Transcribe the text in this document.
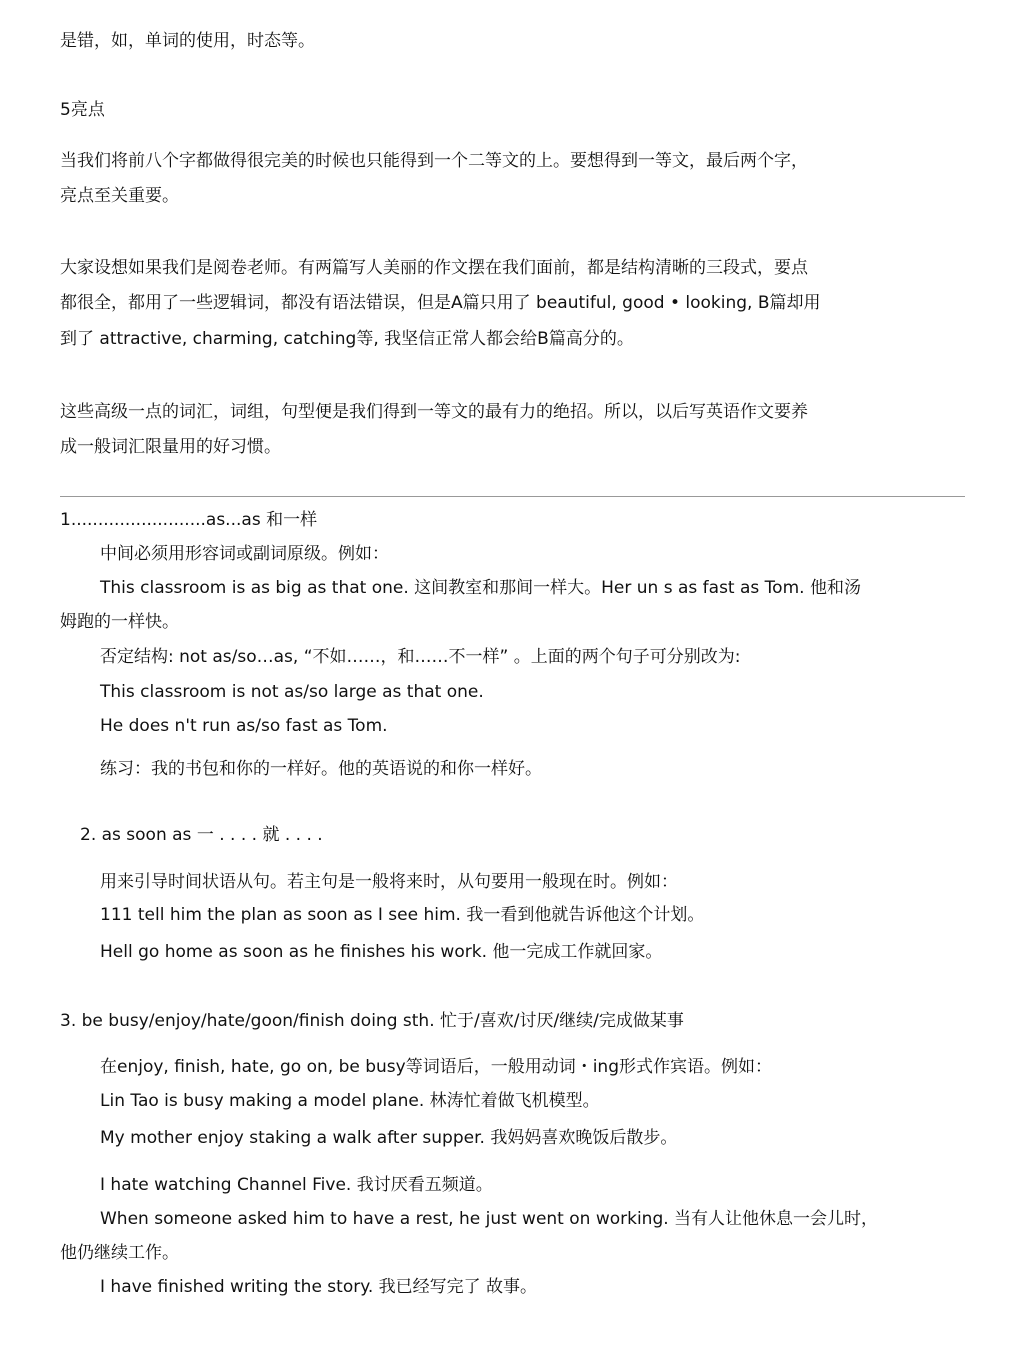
是错，如，单词的使用，时态等。

5亮点

当我们将前八个字都做得很完美的时候也只能得到一个二等文的上。要想得到一等文，最后两个字，

亮点至关重要。

大家设想如果我们是阅卷老师。有两篇写人美丽的作文摆在我们面前，都是结构清晰的三段式，要点

都很全，都用了一些逻辑词，都没有语法错误，但是A篇只用了 beautiful, good • looking, B篇却用

到了 attractive, charming, catching等, 我坚信正常人都会给B篇高分的。

这些高级一点的词汇，词组，句型便是我们得到一等文的最有力的绝招。所以，以后写英语作文要养

成一般词汇限量用的好习惯。

1.........................as...as 和一样

中间必须用形容词或副词原级。例如：

This classroom is as big as that one. 这间教室和那间一样大。Her un s as fast as Tom. 他和汤

姆跑的一样快。

否定结构: not as/so…as, “不如……，和……不一样” 。上面的两个句子可分别改为:

This classroom is not as/so large as that one.

He does n't run as/so fast as Tom.

练习：我的书包和你的一样好。他的英语说的和你一样好。

2. as soon as 一 . . . . 就 . . . .

用来引导时间状语从句。若主句是一般将来时，从句要用一般现在时。例如：

111 tell him the plan as soon as I see him. 我一看到他就告诉他这个计划。

Hell go home as soon as he finishes his work. 他一完成工作就回家。

3. be busy/enjoy/hate/goon/finish doing sth. 忙于/喜欢/讨厌/继续/完成做某事

在enjoy, finish, hate, go on, be busy等词语后，一般用动词・ing形式作宾语。例如：

Lin Tao is busy making a model plane. 林涛忙着做飞机模型。

My mother enjoy staking a walk after supper. 我妈妈喜欢晚饭后散步。

I hate watching Channel Five. 我讨厌看五频道。

When someone asked him to have a rest, he just went on working. 当有人让他休息一会儿时，

他仍继续工作。

I have finished writing the story. 我已经写完了 故事。
